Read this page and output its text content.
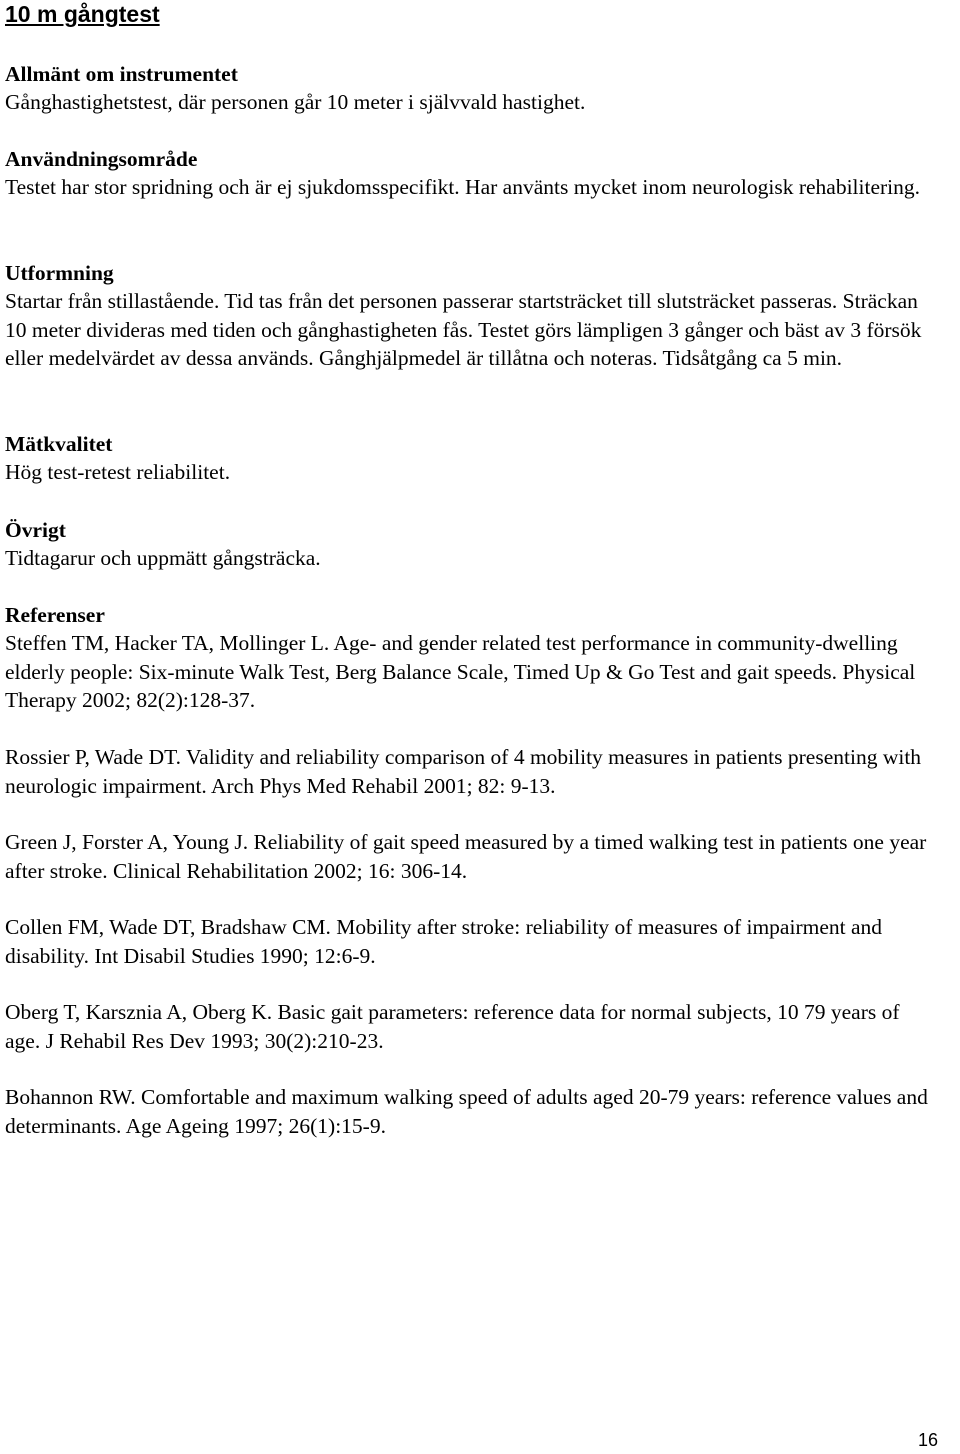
10 m gångtest
Allmänt om instrumentet

Gånghastighetstest, där personen går 10 meter i självvald hastighet.

Användningsområde

Testet har stor spridning och är ej sjukdomsspecifikt. Har använts mycket inom neurologisk rehabilitering.

Utformning

Startar från stillastående. Tid tas från det personen passerar startsträcket till slutsträcket passeras. Sträckan 10 meter divideras med tiden och gånghastigheten fås. Testet görs lämpligen 3 gånger och bäst av 3 försök eller medelvärdet av dessa används. Gånghjälpmedel är tillåtna och noteras. Tidsåtgång ca 5 min.

Mätkvalitet

Hög test-retest reliabilitet.

Övrigt

Tidtagarur och uppmätt gångsträcka.

Referenser

Steffen TM, Hacker TA, Mollinger L. Age- and gender related test performance in community-dwelling elderly people: Six-minute Walk Test, Berg Balance Scale, Timed Up & Go Test and gait speeds. Physical Therapy 2002; 82(2):128-37.

Rossier P, Wade DT. Validity and reliability comparison of 4 mobility measures in patients presenting with neurologic impairment. Arch Phys Med Rehabil 2001; 82: 9-13.

Green J, Forster A, Young J. Reliability of gait speed measured by a timed walking test in patients one year after stroke. Clinical Rehabilitation 2002; 16: 306-14.

Collen FM, Wade DT, Bradshaw CM. Mobility after stroke: reliability of measures of impairment and disability. Int Disabil Studies 1990; 12:6-9.

Oberg T, Karsznia A, Oberg K. Basic gait parameters: reference data for normal subjects, 10 79 years of age. J Rehabil Res Dev 1993; 30(2):210-23.

Bohannon RW. Comfortable and maximum walking speed of adults aged 20-79 years: reference values and determinants. Age Ageing 1997; 26(1):15-9.

16
